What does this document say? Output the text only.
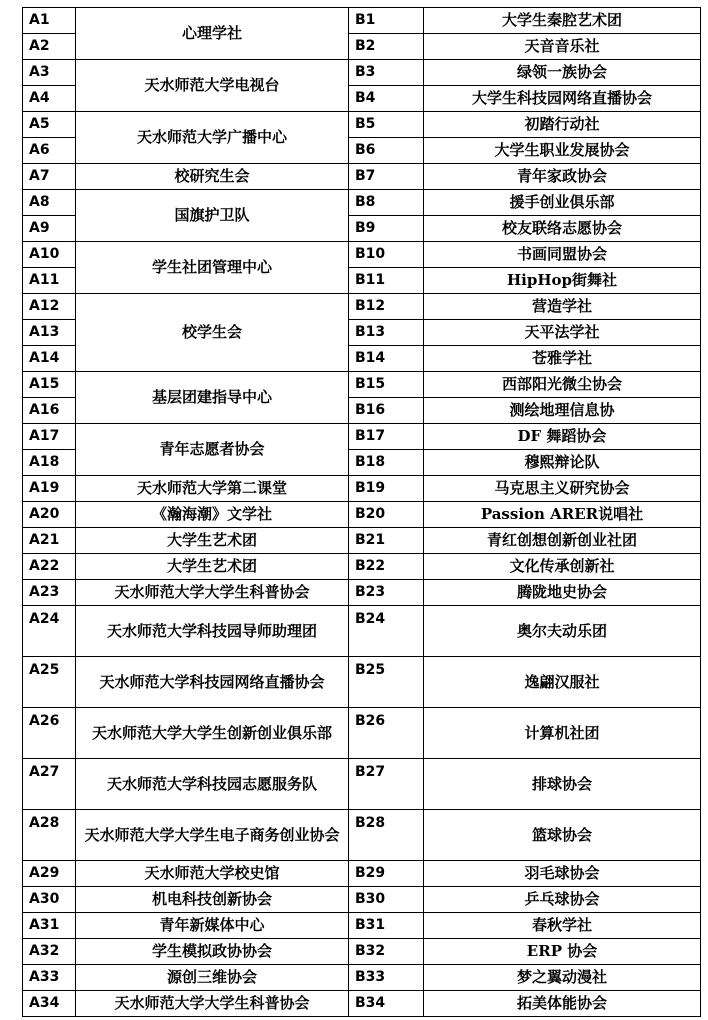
A1	心理学社	B1	大学生秦腔艺术团
A2		B2	天音音乐社
A3	天水师范大学电视台	B3	绿领一族协会
A4		B4	大学生科技园网络直播协会
A5	天水师范大学广播中心	B5	初踏行动社
A6		B6	大学生职业发展协会
A7	校研究生会	B7	青年家政协会
A8	国旗护卫队	B8	援手创业俱乐部
A9		B9	校友联络志愿协会
A10	学生社团管理中心	B10	书画同盟协会
A11		B11	HipHop街舞社
A12	校学生会	B12	营造学社
A13		B13	天平法学社
A14		B14	苍雅学社
A15	基层团建指导中心	B15	西部阳光微尘协会
A16		B16	测绘地理信息协
A17	青年志愿者协会	B17	DF 舞蹈协会
A18		B18	穆熙辩论队
A19	天水师范大学第二课堂	B19	马克思主义研究协会
A20	《瀚海潮》文学社	B20	Passion ARER说唱社
A21	大学生艺术团	B21	青红创想创新创业社团
A22	大学生艺术团	B22	文化传承创新社
A23	天水师范大学大学生科普协会	B23	腾陇地史协会
A24	天水师范大学科技园导师助理团	B24	奥尔夫动乐团
A25	天水师范大学科技园网络直播协会	B25	逸翩汉服社
A26	天水师范大学大学生创新创业俱乐部	B26	计算机社团
A27	天水师范大学科技园志愿服务队	B27	排球协会
A28	天水师范大学大学生电子商务创业协会	B28	篮球协会
A29	天水师范大学校史馆	B29	羽毛球协会
A30	机电科技创新协会	B30	乒乓球协会
A31	青年新媒体中心	B31	春秋学社
A32	学生模拟政协协会	B32	ERP 协会
A33	源创三维协会	B33	梦之翼动漫社
A34	天水师范大学大学生科普协会	B34	拓美体能协会
